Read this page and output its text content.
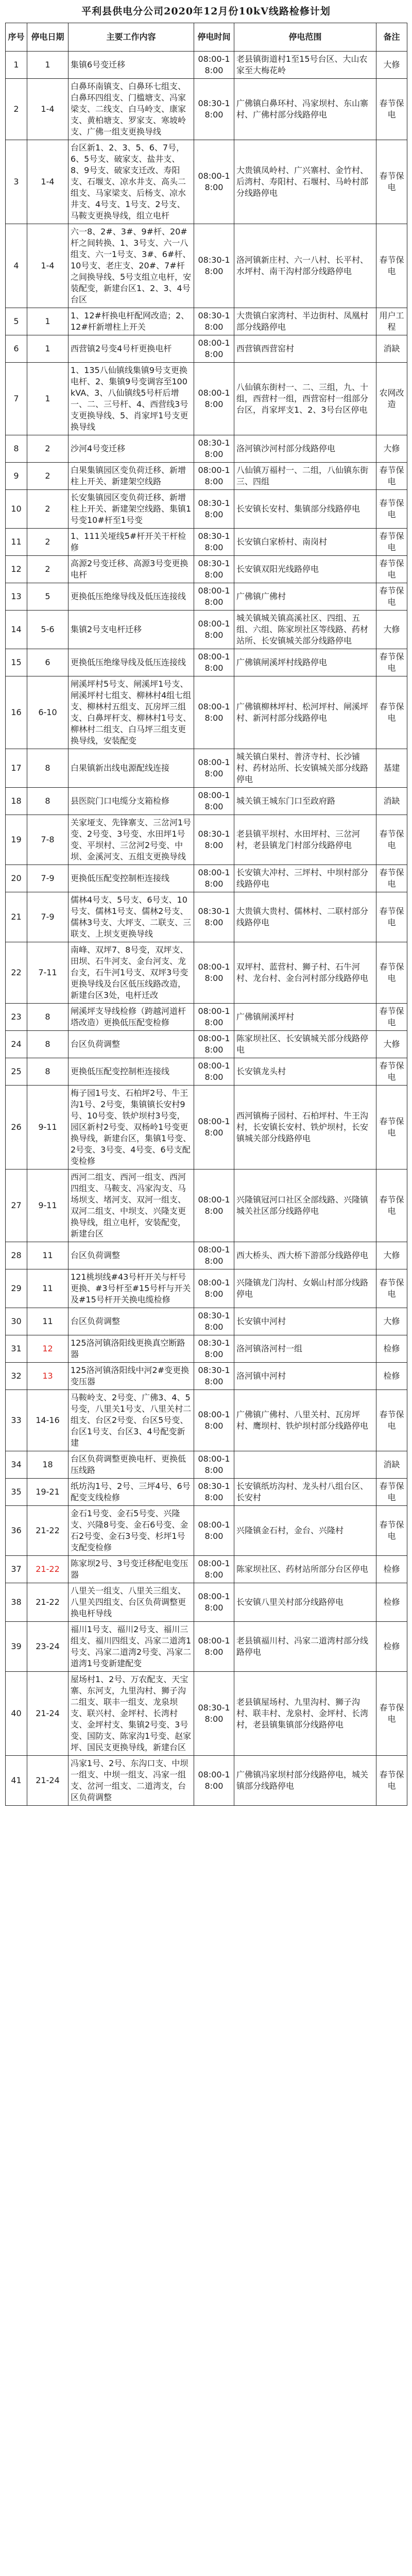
平利县供电分公司2020年12月份10kV线路检修计划
序号	停电日期	主要工作内容	停电时间	停电范围	备注
1	1	集镇6号变迁移	08:00-18:00	老县镇街道村1至15号台区、大山农家至大梅花岭	大修
2	1-4	白鼻环南镇支、白鼻环七组支、白鼻环四组支、门槛塘支、冯家梁支、二线支、白马岭支、康家支、黄柏塘支、罗家支、寒坡岭支、广佛一组支更换导线	08:30-18:00	广佛镇白鼻环村、冯家坝村、东山寨村、广佛村部分线路停电	春节保电
3	1-4	台区新1、2、3、5、6、7号，6、5号支、破家支、盐井支、8、9号支、破家支迁改、寿阳支、石堰支、凉水井支、高头二组支、马家梁支、后杨支、凉水井支、4号支、1号支、2号支、马鞍支更换导线，组立电杆	08:00-18:00	大贵镇凤岭村、广兴寨村、金竹村、后湾村、寿阳村、石堰村、马岭村部分线路停电	春节保电
4	1-4	六一8、2#、3#、9#杆、20#杆之间转换、1、3号支、六一八组支、六一1号支、3#、6#杆、10号支、老庄支、20#、7#杆之间换导线、5号支组立电杆，安装配变，新建台区1、2、3、4号台区	08:30-18:00	洛河镇新庄村、六一八村、长平村、水坪村、南干沟村部分线路停电	春节保电
5	1	1、12#杆换电杆配网改造；2、12#杆新增柱上开关	08:30-18:00	大贵镇白家湾村、半边街村、凤凰村部分线路停电	用户工程
6	1	西营镇2号变4号杆更换电杆	08:00-18:00	西营镇西营窑村	消缺
7	1	1、135八仙镇线集镇9号支更换电杆、2、集镇9号变调容至100kVA、3、八仙镇线5号杆后增一、二、三号杆、4、西营线3号支更换导线、5、肖家坪1号支更换导线	08:00-18:00	八仙镇东街村一、二、三组，九、十组，西营村一组，西营窑村一组部分台区，肖家坪支1、2、3号台区停电	农网改造
8	2	沙河4号变迁移	08:30-18:00	洛河镇沙河村部分线路停电	大修
9	2	白果集镇园区变负荷迁移、新增柱上开关、新建架空线路	08:00-18:00	八仙镇万福村一、二组，八仙镇东街三、四组	春节保电
10	2	长安集镇园区变负荷迁移、新增柱上开关、新建架空线路、集镇1号变10#杆至1号变	08:30-18:00	长安镇长安村、集镇部分线路停电	春节保电
11	2	1、111关垭线5#杆开关干杆检修	08:30-18:00	长安镇白家桥村、南岗村	春节保电
12	2	高源2号变迁移、高源3号变更换电杆	08:30-18:00	长安镇双阳光线路停电	春节保电
13	5	更换低压绝缘导线及低压连接线	08:00-18:00	广佛镇广佛村	春节保电
14	5-6	集镇2号支电杆迁移	08:00-18:00	城关镇城关镇高溪社区、四组、五组、六组、陈家坝社区等线路、药材站所、长安镇城关部分线路停电	大修
15	6	更换低压绝缘导线及低压连接线	08:00-18:00	广佛镇闸溪坪村线路停电	春节保电
16	6-10	闸溪坪村5号支、闸溪坪1号支、闸溪坪村七组支、柳林村4组七组支、柳林村五组支、瓦房坪三组支、白鼻坪杆支、柳林村1号支、柳林村二组支、白马坪三组支更换导线，安装配变	08:00-18:00	广佛镇柳林坪村、松河坪村、闸溪坪村、新河村部分线路停电	春节保电
17	8	白果镇新出线电源配线连接	08:00-18:00	城关镇白果村、普济寺村、长沙铺村、药材站所、长安镇城关部分线路停电	基建
18	8	县医院门口电缆分支箱检修	08:00-18:00	城关镇王城东门口至政府路	消缺
19	7-8	关家垭支、先锋寨支、三岔河1号变、2号变、3号变、水田坪1号变、平坝村、三岔河2号变、中坝、金溪河支、五组支更换导线	08:30-18:00	老县镇平坝村、水田坪村、三岔河村，老县镇龙门村部分线路停电	春节保电
20	7-9	更换低压配变控制柜连接线	08:00-18:00	长安镇大冲村、三坪村、中坝村部分线路停电	春节保电
21	7-9	儒林4号支、5号支、6号支、10号支、儒林1号支、儒林2号支、儒林3号支、大坪支、二联支、三联支、上坝支更换导线	08:30-18:00	大贵镇大贵村、儒林村、二联村部分线路停电	春节保电
22	7-11	南峰、双坪7、8号变，双坪支、田坝、石牛河支、金台河支、龙台支，石牛河1号支、双坪3号变更换导线及台区低压线路改造，新建台区3处，电杆迁改	08:00-18:00	双坪村、蓝营村、狮子村、石牛河村、龙台村、金台河村部分线路停电	春节保电
23	8	闸溪坪支导线检修（跨越河道杆塔改造）更换低压配变检修	08:00-18:00	广佛镇闸溪坪村	春节保电
24	8	台区负荷调整	08:00-18:00	陈家坝社区、长安镇城关部分线路停电	大修
25	8	更换低压配变控制柜连接线	08:00-18:00	长安镇龙头村	春节保电
26	9-11	梅子园1号支、石柏坪2号、牛王沟1号、2号变，集镇镇长安村9号、10号变、铁炉坝村3号变，园区新村2号变、双杨岭1号变更换导线，新建台区，集镇1号变、2号变、3号变、4号变、6号支配变检修	08:00-18:00	西河镇梅子园村、石柏坪村、牛王沟村，长安镇长安村、铁炉坝村，长安镇城关部分线路停电	春节保电
27	9-11	西河二组支、西河一组支、西河四组支、马鞍支、冯家沟支、马场坝支、堵河支、双河一组支、双河二组支、中坝支、兴隆支更换导线，组立电杆，安装配变，新建台区	08:00-18:00	兴隆镇冠河口社区全部线路、兴隆镇城关社区部分线路停电	春节保电
28	11	台区负荷调整	08:00-18:00	西大桥头、西大桥下游部分线路停电	大修
29	11	121桃坝线#43号杆开关与杆号更换、#3号杆至#15号杆与开关及#15号杆开关换电缆检修	08:00-18:00	兴隆镇龙门沟村、女娲山村部分线路停电	春节保电
30	11	台区负荷调整	08:30-18:00	长安镇中河村	大修
31	12	125洛河镇洛阳线更换真空断路器	08:30-18:00	洛河镇洛河村一组	检修
32	13	125洛河镇洛阳线中河2#变更换变压器	08:30-18:00	洛河镇中河村	检修
33	14-16	马鞍岭支、2号变、广佛3、4、5号变，八里关1号支、八里关村二组支、台区2号变、台区5号变、台区1号支、台区3、4号配变新建	08:00-18:00	广佛镇广佛村、八里关村、瓦房坪村、鹰坝村、铁炉坝村部分线路停电	春节保电
34	18	台区负荷调整更换电杆、更换低压线路	08:00-18:00		消缺
35	19-21	纸坊沟1号、2号、三坪4号、6号配变支线检修	08:30-18:00	长安镇纸坊沟村、龙头村八组台区、长安村	春节保电
36	21-22	金石1号变、金石5号变、兴隆支、兴隆8号变、金石6号变、金石2号变、金石3号变、杉坪1号支配变检修	08:00-18:00	兴隆镇金石村，金台、兴隆村	春节保电
37	21-22	陈家坝2号、3号变迁移配电变压器	08:00-18:00	陈家坝社区、药材站所部分台区停电	检修
38	21-22	八里关一组支、八里关三组支、八里关四组支、台区负荷调整更换电杆导线	08:00-18:00	长安镇八里关村部分线路停电	检修
39	23-24	福川1号支、福川2号支、福川三组支、福川四组支、冯家二道湾1号支、冯家二道湾2号变、冯家二道湾1号变新建配变	08:00-18:00	老县镇福川村、冯家二道湾村部分线路停电	检修
40	21-24	屋场村1、2号、万农配支、天宝寨、东河支，九里沟村、狮子沟二组支、联丰一组支、龙泉坝支、联兴村、金坪村、长湾村支、金坪村支、集镇2号变、3号变、国防支、陈家沟1号变、赵家坪、国民支更换导线，新建台区	08:30-18:00	老县镇屋场村、九里沟村、狮子沟村、联丰村、龙泉村、金坪村、长湾村，老县镇集镇部分线路停电	春节保电
41	21-24	冯家1号、2号、东沟口支、中坝一组支、中坝一组支、冯家一组支、岔河一组支、二道湾支，台区负荷调整	08:00-18:00	广佛镇冯家坝村部分线路停电，城关镇部分线路停电	春节保电
